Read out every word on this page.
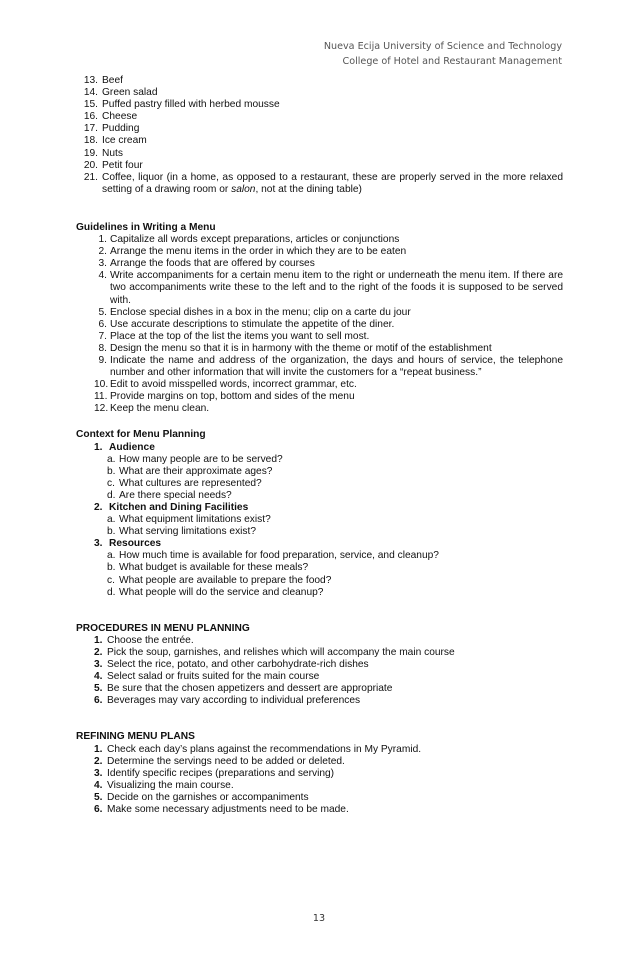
Nueva Ecija University of Science and Technology
College of Hotel and Restaurant Management
13. Beef
14. Green salad
15. Puffed pastry filled with herbed mousse
16. Cheese
17. Pudding
18. Ice cream
19. Nuts
20. Petit four
21. Coffee, liquor (in a home, as opposed to a restaurant, these are properly served in the more relaxed setting of a drawing room or salon, not at the dining table)
Guidelines in Writing a Menu
1. Capitalize all words except preparations, articles or conjunctions
2. Arrange the menu items in the order in which they are to be eaten
3. Arrange the foods that are offered by courses
4. Write accompaniments for a certain menu item to the right or underneath the menu item. If there are two accompaniments write these to the left and to the right of the foods it is supposed to be served with.
5. Enclose special dishes in a box in the menu; clip on a carte du jour
6. Use accurate descriptions to stimulate the appetite of the diner.
7. Place at the top of the list the items you want to sell most.
8. Design the menu so that it is in harmony with the theme or motif of the establishment
9. Indicate the name and address of the organization, the days and hours of service, the telephone number and other information that will invite the customers for a “repeat business.”
10. Edit to avoid misspelled words, incorrect grammar, etc.
11. Provide margins on top, bottom and sides of the menu
12. Keep the menu clean.
Context for Menu Planning
1. Audience
a. How many people are to be served?
b. What are their approximate ages?
c. What cultures are represented?
d. Are there special needs?
2. Kitchen and Dining Facilities
a. What equipment limitations exist?
b. What serving limitations exist?
3. Resources
a. How much time is available for food preparation, service, and cleanup?
b. What budget is available for these meals?
c. What people are available to prepare the food?
d. What people will do the service and cleanup?
PROCEDURES IN MENU PLANNING
1. Choose the entrée.
2. Pick the soup, garnishes, and relishes which will accompany the main course
3. Select the rice, potato, and other carbohydrate-rich dishes
4. Select salad or fruits suited for the main course
5. Be sure that the chosen appetizers and dessert are appropriate
6. Beverages may vary according to individual preferences
REFINING MENU PLANS
1. Check each day’s plans against the recommendations in My Pyramid.
2. Determine the servings need to be added or deleted.
3. Identify specific recipes (preparations and serving)
4. Visualizing the main course.
5. Decide on the garnishes or accompaniments
6. Make some necessary adjustments need to be made.
13
